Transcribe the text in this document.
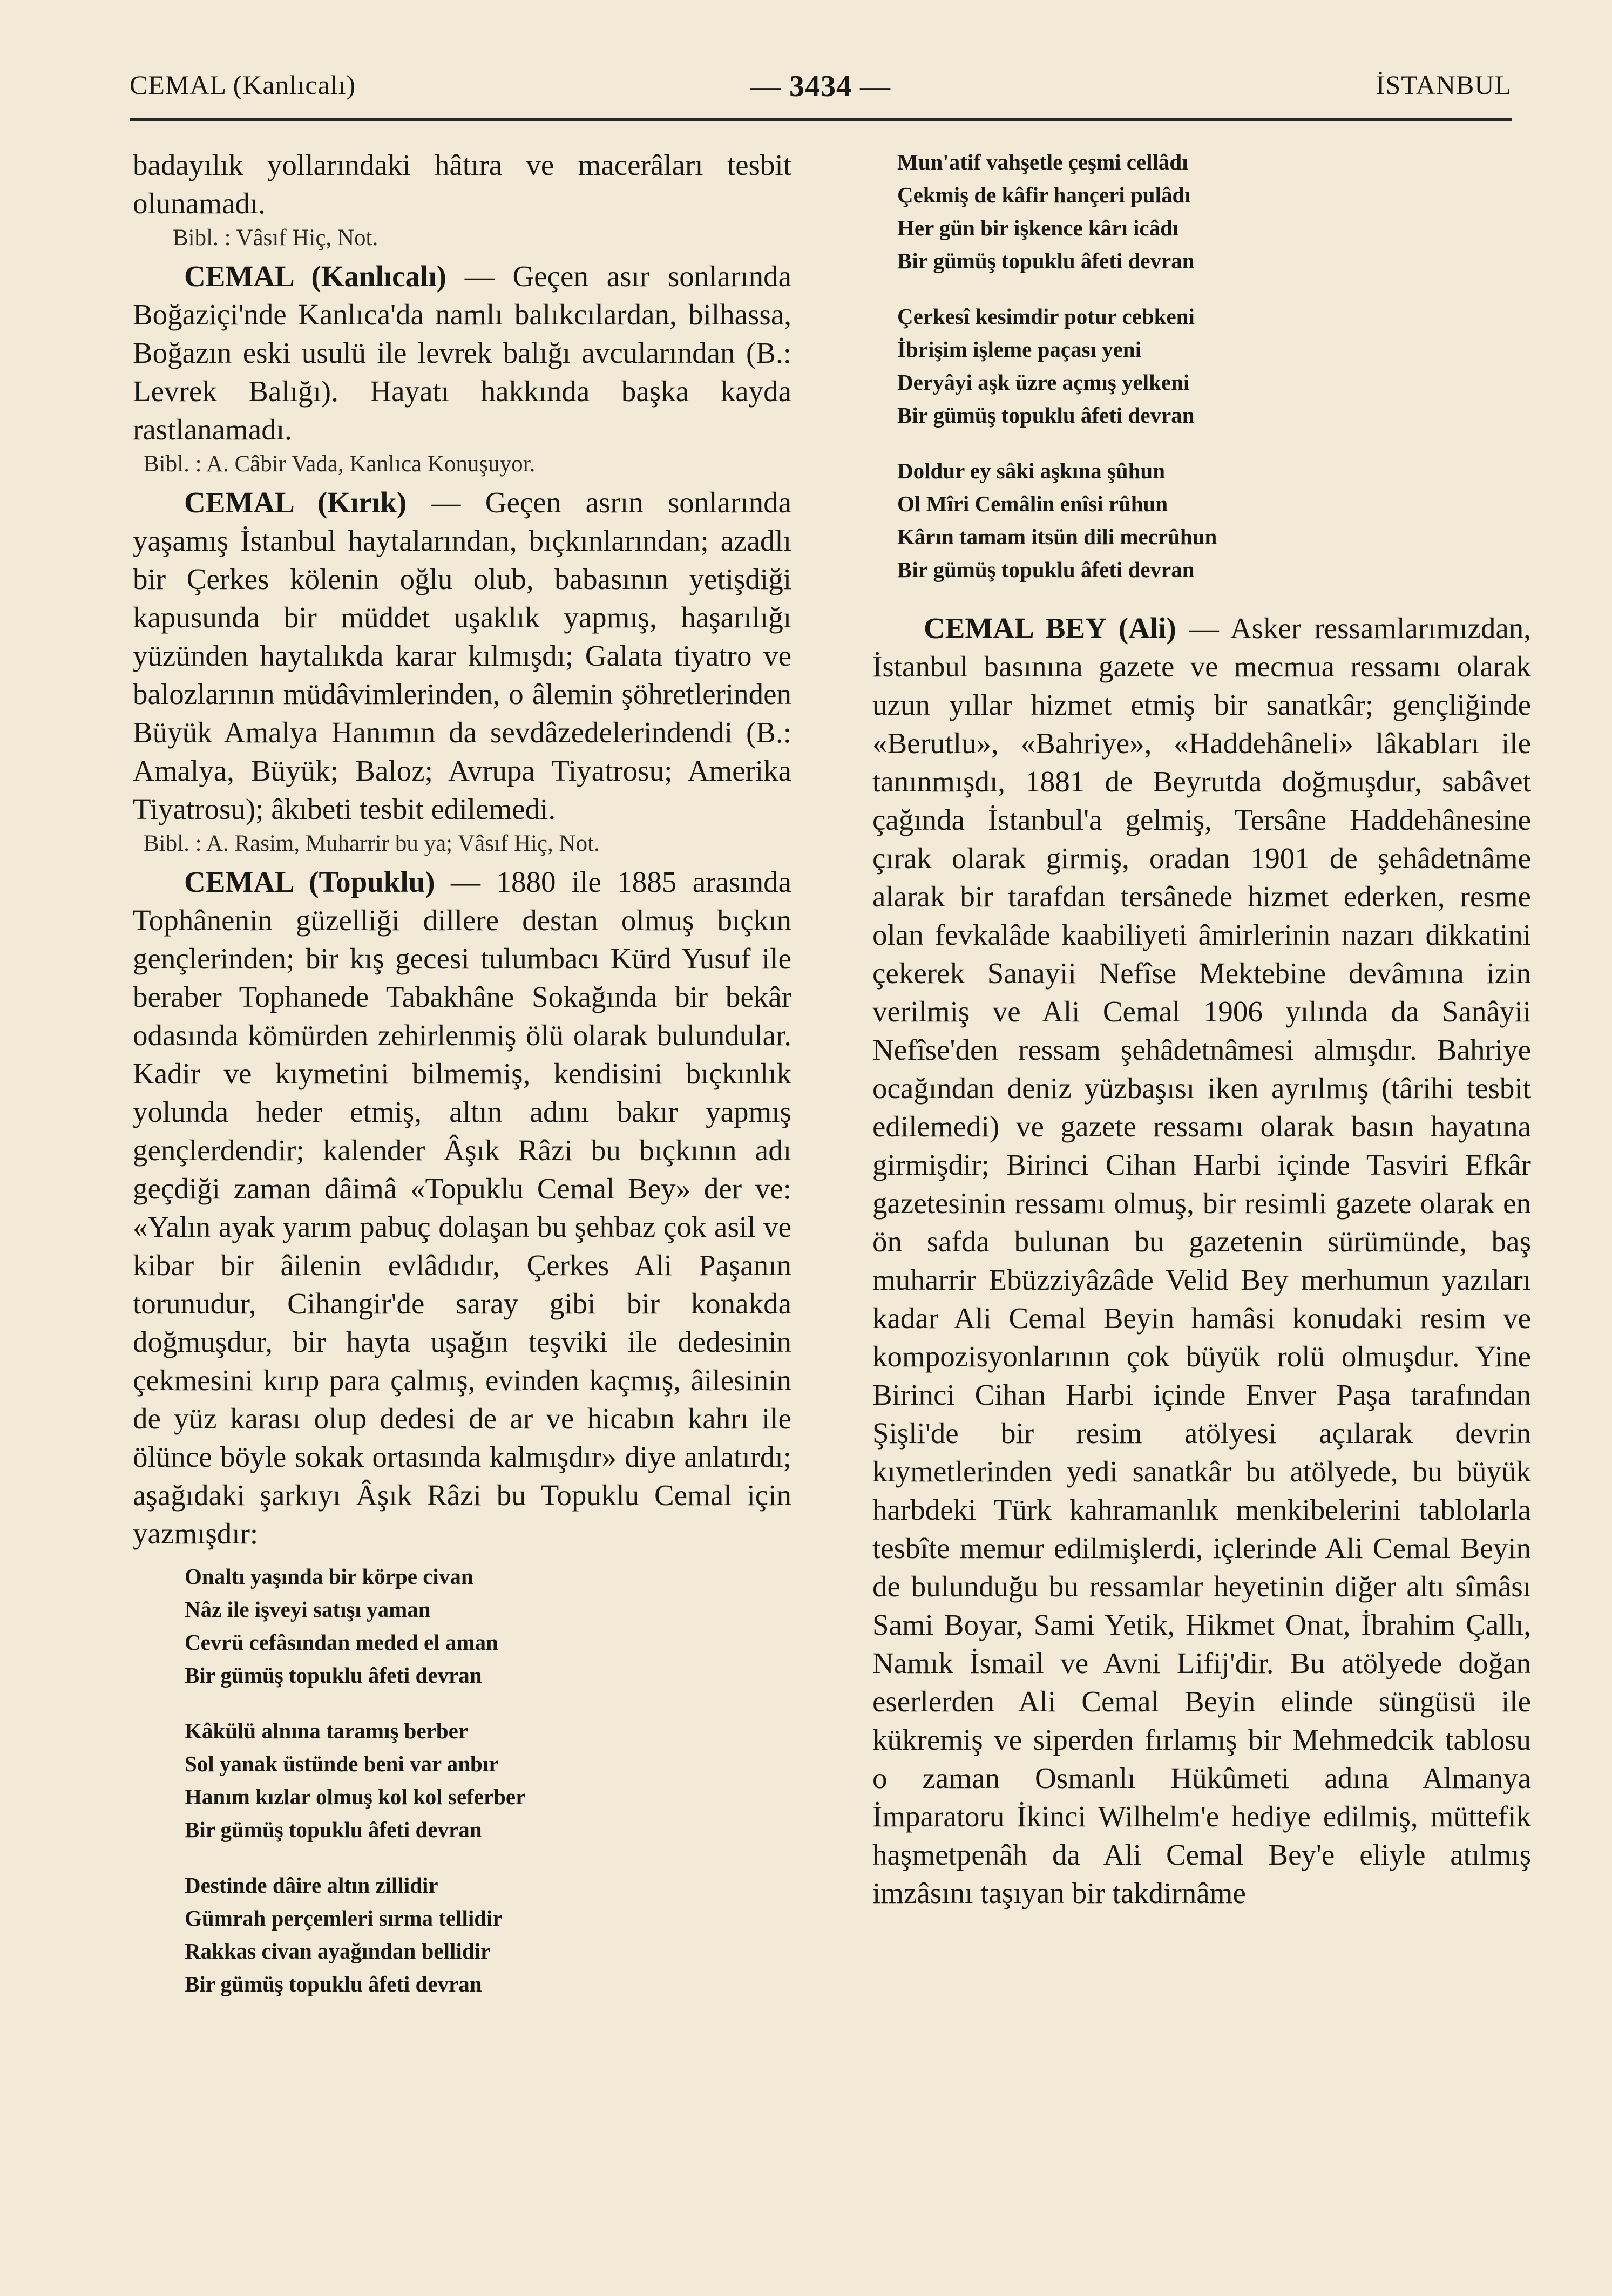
CEMAL (Kanlıcalı)	— 3434 —	İSTANBUL

badayılık yollarındaki hâtıra ve macerâları tesbit olunamadı.

Bibl. : Vâsıf Hiç, Not.

CEMAL (Kanlıcalı) — Geçen asır sonlarında Boğaziçi'nde Kanlıca'da namlı balıkcılardan, bilhassa, Boğazın eski usulü ile levrek balığı avcularından (B.: Levrek Balığı). Hayatı hakkında başka kayda rastlanamadı.

Bibl. : A. Câbir Vada, Kanlıca Konuşuyor.

CEMAL (Kırık) — Geçen asrın sonlarında yaşamış İstanbul haytalarından, bıçkınlarından; azadlı bir Çerkes kölenin oğlu olub, babasının yetişdiği kapusunda bir müddet uşaklık yapmış, haşarılığı yüzünden haytalıkda karar kılmışdı; Galata tiyatro ve balozlarının müdâvimlerinden, o âlemin şöhretlerinden Büyük Amalya Hanımın da sevdâzedelerindendi (B.: Amalya, Büyük; Baloz; Avrupa Tiyatrosu; Amerika Tiyatrosu); âkıbeti tesbit edilemedi.

Bibl. : A. Rasim, Muharrir bu ya; Vâsıf Hiç, Not.

CEMAL (Topuklu) — 1880 ile 1885 arasında Tophânenin güzelliği dillere destan olmuş bıçkın gençlerinden; bir kış gecesi tulumbacı Kürd Yusuf ile beraber Tophanede Tabakhâne Sokağında bir bekâr odasında kömürden zehirlenmiş ölü olarak bulundular. Kadir ve kıymetini bilmemiş, kendisini bıçkınlık yolunda heder etmiş, altın adını bakır yapmış gençlerdendir; kalender Âşık Râzi bu bıçkının adı geçdiği zaman dâimâ «Topuklu Cemal Bey» der ve: «Yalın ayak yarım pabuç dolaşan bu şehbaz çok asil ve kibar bir âilenin evlâdıdır, Çerkes Ali Paşanın torunudur, Cihangir'de saray gibi bir konakda doğmuşdur, bir hayta uşağın teşviki ile dedesinin çekmesini kırıp para çalmış, evinden kaçmış, âilesinin de yüz karası olup dedesi de ar ve hicabın kahrı ile ölünce böyle sokak ortasında kalmışdır» diye anlatırdı; aşağıdaki şarkıyı Âşık Râzi bu Topuklu Cemal için yazmışdır:

Onaltı yaşında bir körpe civan
Nâz ile işveyi satışı yaman
Cevrü cefâsından meded el aman
Bir gümüş topuklu âfeti devran
Kâkülü alnına taramış berber
Sol yanak üstünde beni var anbır
Hanım kızlar olmuş kol kol seferber
Bir gümüş topuklu âfeti devran
Destinde dâire altın zillidir
Gümrah perçemleri sırma tellidir
Rakkas civan ayağından bellidir
Bir gümüş topuklu âfeti devran
Mun'atif vahşetle çeşmi cellâdı
Çekmiş de kâfir hançeri pulâdı
Her gün bir işkence kârı icâdı
Bir gümüş topuklu âfeti devran
Çerkesî kesimdir potur cebkeni
İbrişim işleme paçası yeni
Deryâyi aşk üzre açmış yelkeni
Bir gümüş topuklu âfeti devran
Doldur ey sâki aşkına şûhun
Ol Mîri Cemâlin enîsi rûhun
Kârın tamam itsün dili mecrûhun
Bir gümüş topuklu âfeti devran

CEMAL BEY (Ali) — Asker ressamlarımızdan, İstanbul basınına gazete ve mecmua ressamı olarak uzun yıllar hizmet etmiş bir sanatkâr; gençliğinde «Berutlu», «Bahriye», «Haddehâneli» lâkabları ile tanınmışdı, 1881 de Beyrutda doğmuşdur, sabâvet çağında İstanbul'a gelmiş, Tersâne Haddehânesine çırak olarak girmiş, oradan 1901 de şehâdetnâme alarak bir tarafdan tersânede hizmet ederken, resme olan fevkalâde kaabiliyeti âmirlerinin nazarı dikkatini çekerek Sanayii Nefîse Mektebine devâmına izin verilmiş ve Ali Cemal 1906 yılında da Sanâyii Nefîse'den ressam şehâdetnâmesi almışdır. Bahriye ocağından deniz yüzbaşısı iken ayrılmış (târihi tesbit edilemedi) ve gazete ressamı olarak basın hayatına girmişdir; Birinci Cihan Harbi içinde Tasviri Efkâr gazetesinin ressamı olmuş, bir resimli gazete olarak en ön safda bulunan bu gazetenin sürümünde, baş muharrir Ebüzziyâzâde Velid Bey merhumun yazıları kadar Ali Cemal Beyin hamâsi konudaki resim ve kompozisyonlarının çok büyük rolü olmuşdur. Yine Birinci Cihan Harbi içinde Enver Paşa tarafından Şişli'de bir resim atölyesi açılarak devrin kıymetlerinden yedi sanatkâr bu atölyede, bu büyük harbdeki Türk kahramanlık menkibelerini tablolarla tesbîte memur edilmişlerdi, içlerinde Ali Cemal Beyin de bulunduğu bu ressamlar heyetinin diğer altı sîmâsı Sami Boyar, Sami Yetik, Hikmet Onat, İbrahim Çallı, Namık İsmail ve Avni Lifij'dir. Bu atölyede doğan eserlerden Ali Cemal Beyin elinde süngüsü ile kükremiş ve siperden fırlamış bir Mehmedcik tablosu o zaman Osmanlı Hükûmeti adına Almanya İmparatoru İkinci Wilhelm'e hediye edilmiş, müttefik haşmetpenâh da Ali Cemal Bey'e eliyle atılmış imzâsını taşıyan bir takdirnâme
